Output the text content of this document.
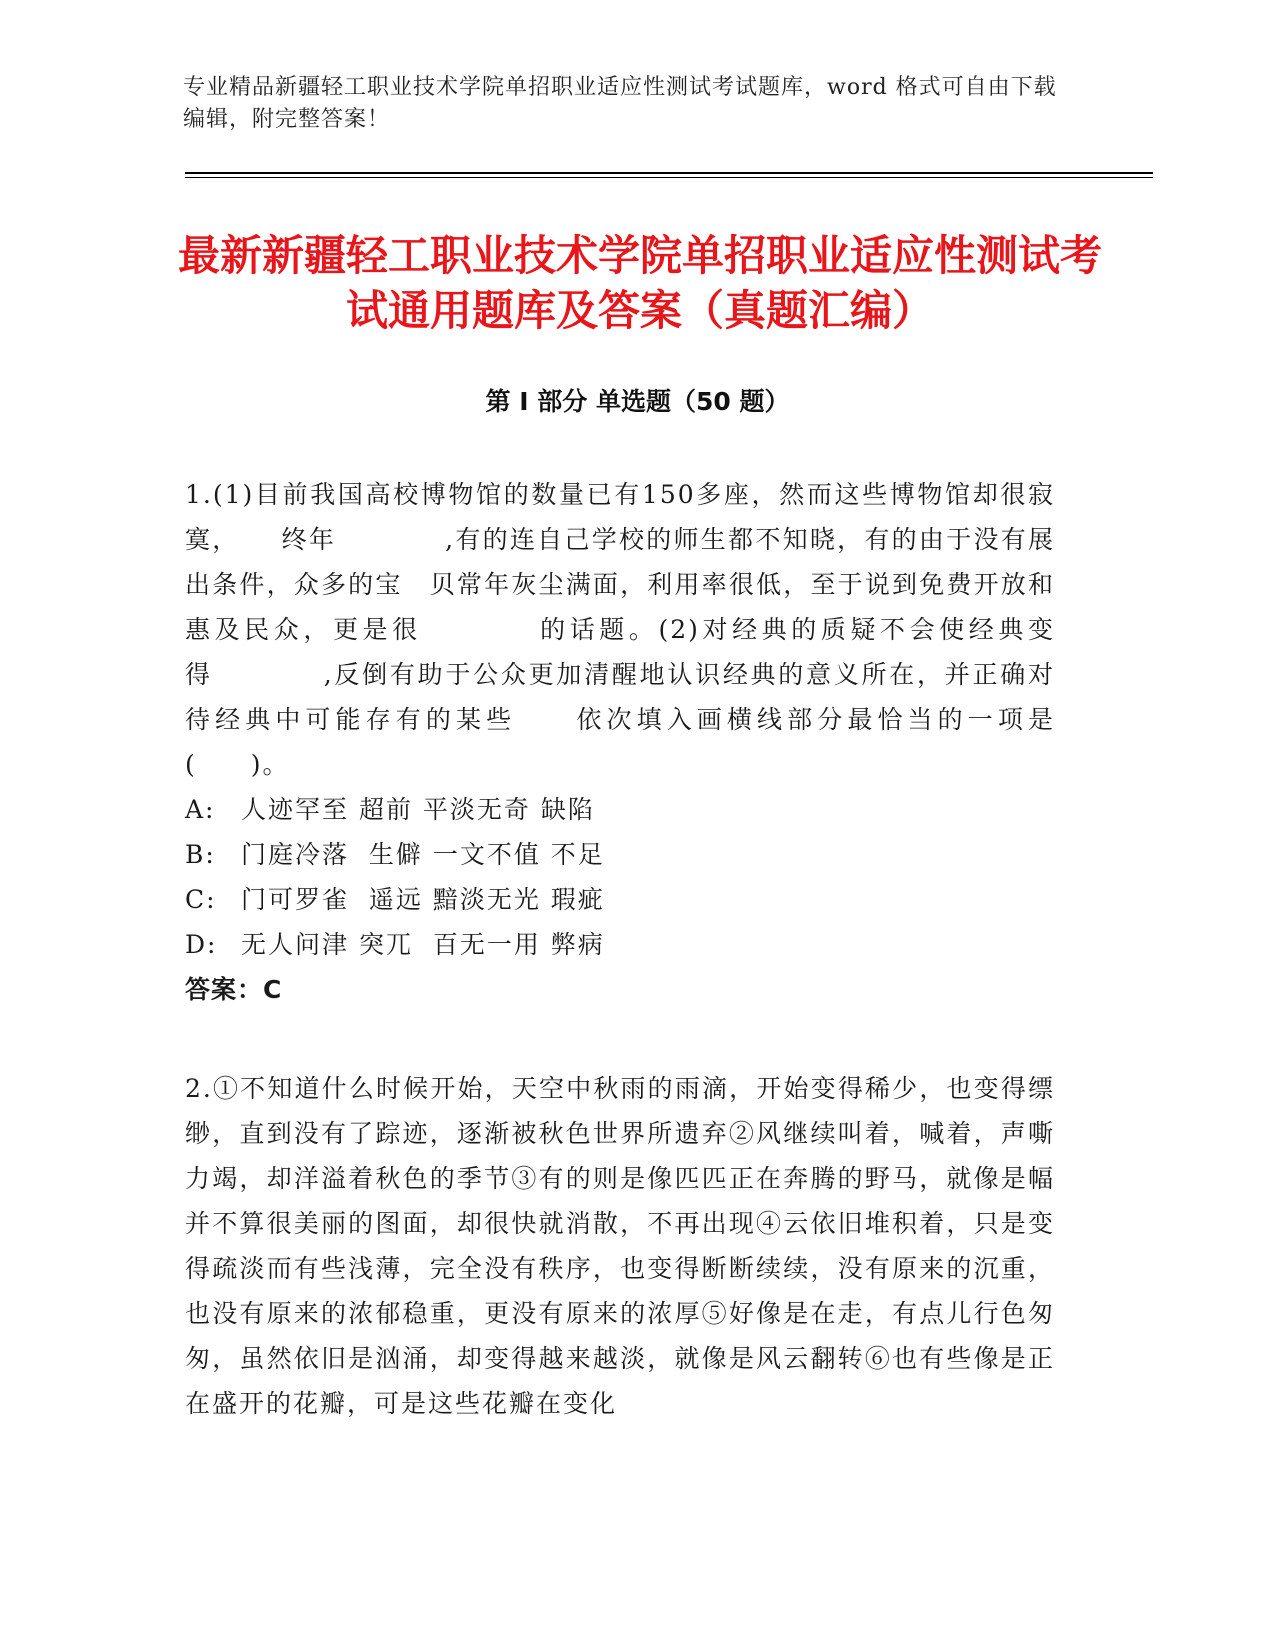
专业精品新疆轻工职业技术学院单招职业适应性测试考试题库，word 格式可自由下载编辑，附完整答案！
最新新疆轻工职业技术学院单招职业适应性测试考试通用题库及答案（真题汇编）
第 I 部分 单选题（50 题）
1.(1)目前我国高校博物馆的数量已有150多座，然而这些博物馆却很寂寞，　　终年　　　　,有的连自己学校的师生都不知晓，有的由于没有展出条件，众多的宝　贝常年灰尘满面，利用率很低，至于说到免费开放和惠及民众，更是很　　　　的话题。(2)对经典的质疑不会使经典变得　　　　,反倒有助于公众更加清醒地认识经典的意义所在，并正确对待经典中可能存有的某些　　依次填入画横线部分最恰当的一项是(　　)。
A: 人迹罕至 超前 平淡无奇 缺陷
B: 门庭冷落  生僻 一文不值 不足
C: 门可罗雀  遥远 黯淡无光 瑕疵
D: 无人问津 突兀  百无一用 弊病
答案：C
2.①不知道什么时候开始，天空中秋雨的雨滴，开始变得稀少，也变得缥缈，直到没有了踪迹，逐渐被秋色世界所遗弃②风继续叫着，喊着，声嘶力竭，却洋溢着秋色的季节③有的则是像匹匹正在奔腾的野马，就像是幅并不算很美丽的图面，却很快就消散，不再出现④云依旧堆积着，只是变得疏淡而有些浅薄，完全没有秩序，也变得断断续续，没有原来的沉重，也没有原来的浓郁稳重，更没有原来的浓厚⑤好像是在走，有点儿行色匆匆，虽然依旧是汹涌，却变得越来越淡，就像是风云翻转⑥也有些像是正在盛开的花瓣，可是这些花瓣在变化
